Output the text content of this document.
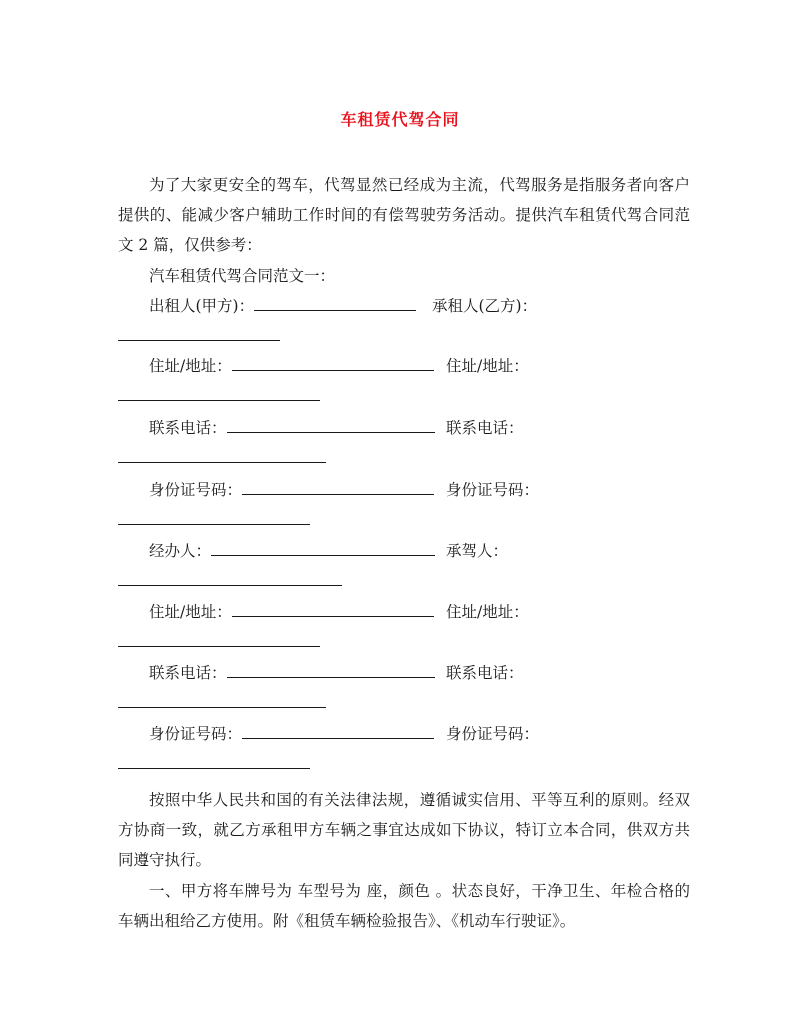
车租赁代驾合同

为了大家更安全的驾车，代驾显然已经成为主流，代驾服务是指服务者向客户提供的、能减少客户辅助工作时间的有偿驾驶劳务活动。提供汽车租赁代驾合同范文 2 篇，仅供参考：

汽车租赁代驾合同范文一：
出租人(甲方)：	承租人(乙方)：
住址/地址：	住址/地址：
联系电话：	联系电话：
身份证号码：	身份证号码：
经办人：	承驾人：
住址/地址：	住址/地址：
联系电话：	联系电话：
身份证号码：	身份证号码：

按照中华人民共和国的有关法律法规，遵循诚实信用、平等互利的原则。经双方协商一致，就乙方承租甲方车辆之事宜达成如下协议，特订立本合同，供双方共同遵守执行。

一、甲方将车牌号为 车型号为 座，颜色 。状态良好，干净卫生、年检合格的车辆出租给乙方使用。附《租赁车辆检验报告》、《机动车行驶证》。
